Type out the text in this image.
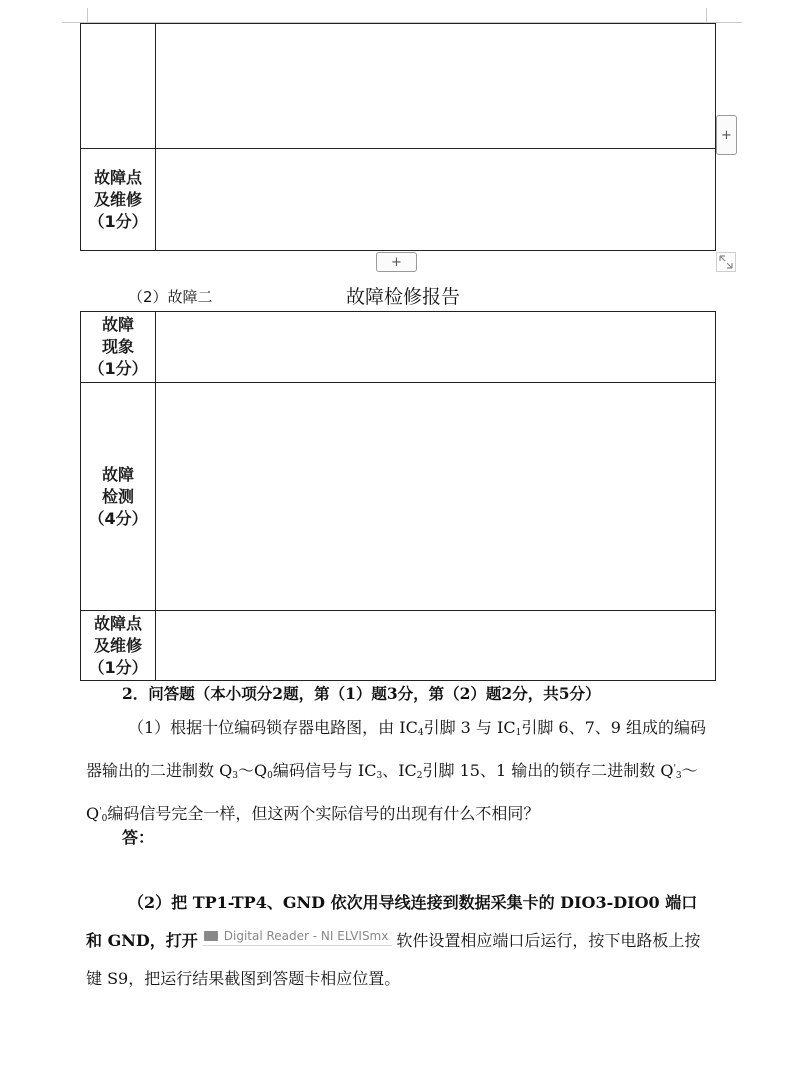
故障点
及维修
（1分）	

+
+
（2）故障二	故障检修报告
故障
现象
（1分）	

故障
检测
（4分）	

故障点
及维修
（1分）	

2．问答题（本小项分2题，第（1）题3分，第（2）题2分，共5分）
（1）根据十位编码锁存器电路图，由 $IC_4$引脚 3 与 $IC_1$引脚 6、7、9 组成的编码器输出的二进制数 $Q_3\sim Q_0$编码信号与 $IC_3$、$IC_2$引脚 15、1 输出的锁存二进制数 $Q'_3\sim Q'_0$编码信号完全一样，但这两个实际信号的出现有什么不相同？
答：
（2）把 TP1-TP4、GND 依次用导线连接到数据采集卡的 DIO3-DIO0 端口和 GND，打开 Digital Reader - NI ELVISmx 软件设置相应端口后运行，按下电路板上按键 S9，把运行结果截图到答题卡相应位置。
